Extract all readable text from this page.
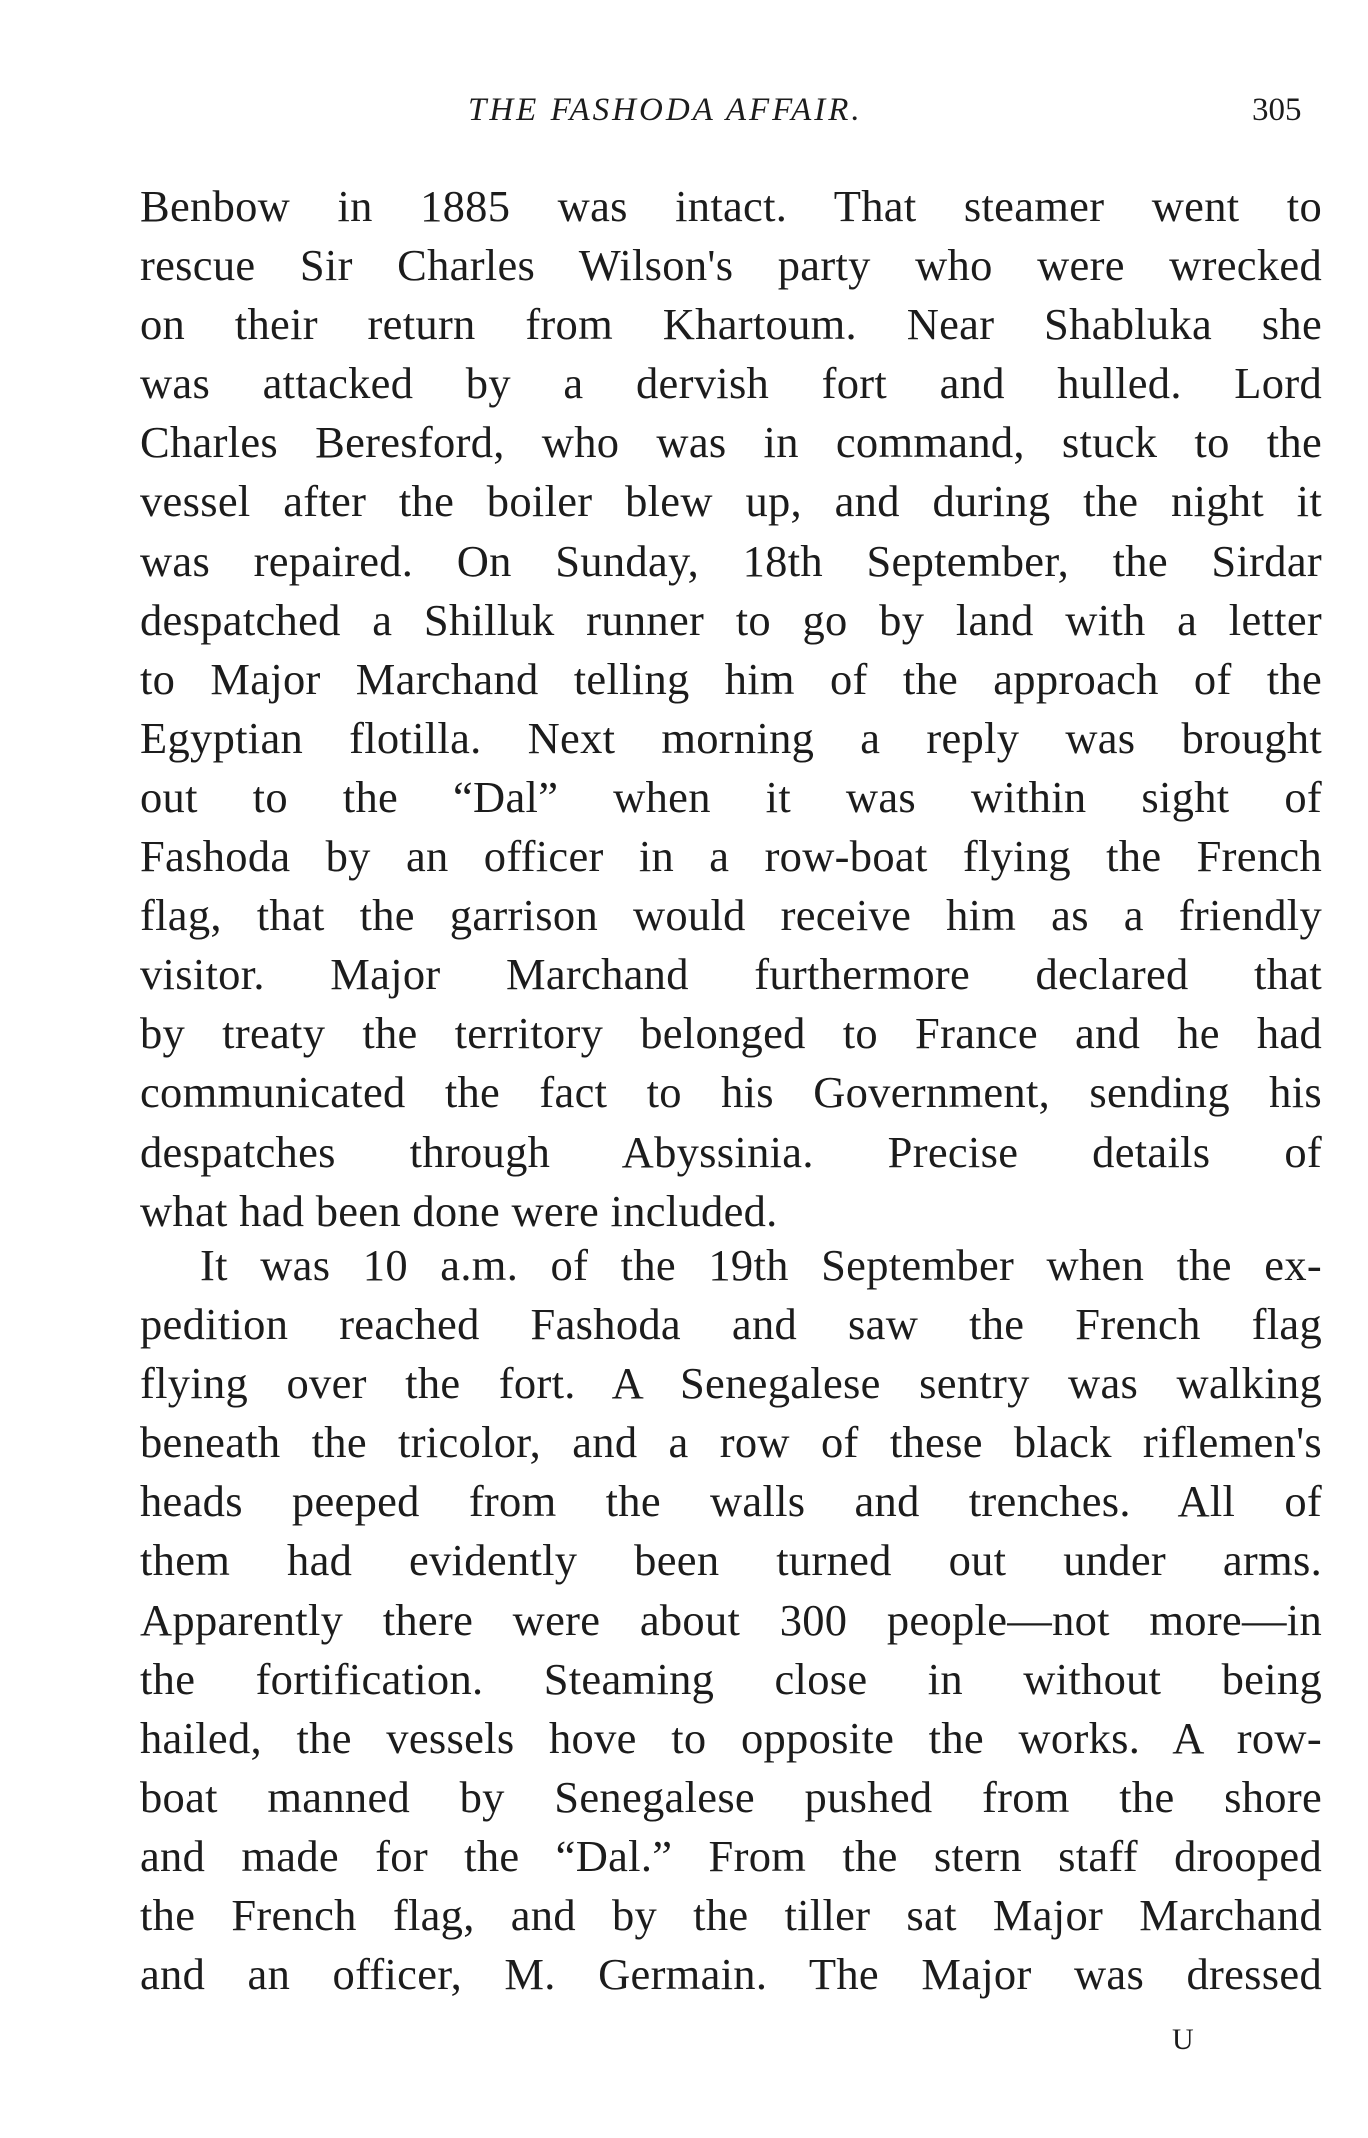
THE FASHODA AFFAIR.	305
Benbow in 1885 was intact. That steamer went to
rescue Sir Charles Wilson's party who were wrecked
on their return from Khartoum. Near Shabluka she
was attacked by a dervish fort and hulled. Lord
Charles Beresford, who was in command, stuck to the
vessel after the boiler blew up, and during the night it
was repaired. On Sunday, 18th September, the Sirdar
despatched a Shilluk runner to go by land with a letter
to Major Marchand telling him of the approach of the
Egyptian flotilla. Next morning a reply was brought
out to the “Dal” when it was within sight of
Fashoda by an officer in a row-boat flying the French
flag, that the garrison would receive him as a friendly
visitor. Major Marchand furthermore declared that
by treaty the territory belonged to France and he had
communicated the fact to his Government, sending his
despatches through Abyssinia. Precise details of
what had been done were included.
It was 10 a.m. of the 19th September when the ex-
pedition reached Fashoda and saw the French flag
flying over the fort. A Senegalese sentry was walking
beneath the tricolor, and a row of these black riflemen's
heads peeped from the walls and trenches. All of
them had evidently been turned out under arms.
Apparently there were about 300 people—not more—in
the fortification. Steaming close in without being
hailed, the vessels hove to opposite the works. A row-
boat manned by Senegalese pushed from the shore
and made for the “Dal.” From the stern staff drooped
the French flag, and by the tiller sat Major Marchand
and an officer, M. Germain. The Major was dressed
U
